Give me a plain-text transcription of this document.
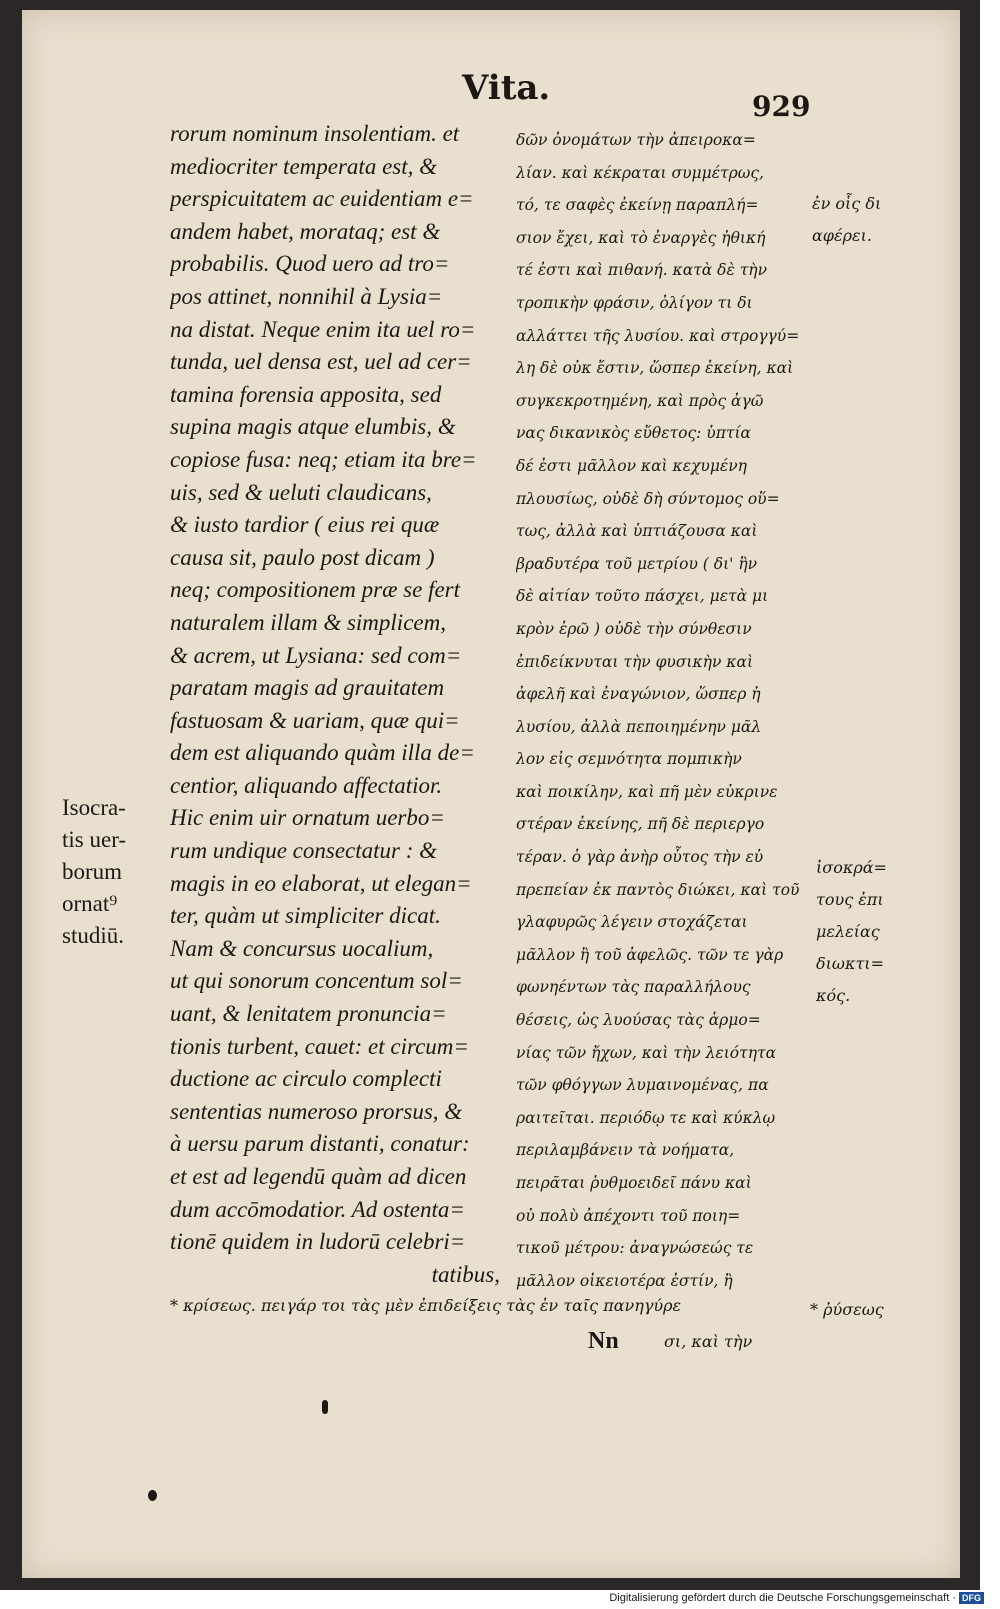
Vita.	929
rorum nominum insolentiam. et
mediocriter temperata est, &
perspicuitatem ac euidentiam e=
andem habet, morataq; est &
probabilis. Quod uero ad tro=
pos attinet, nonnihil à Lysia=
na distat. Neque enim ita uel ro=
tunda, uel densa est, uel ad cer=
tamina forensia apposita, sed
supina magis atque elumbis, &
copiose fusa: neq; etiam ita bre=
uis, sed & ueluti claudicans,
& iusto tardior ( eius rei quæ
causa sit, paulo post dicam )
neq; compositionem præ se fert
naturalem illam & simplicem,
& acrem, ut Lysiana: sed com=
paratam magis ad grauitatem
fastuosam & uariam, quæ qui=
dem est aliquando quàm illa de=
centior, aliquando affectatior.
Hic enim uir ornatum uerbo=
rum undique consectatur : &
magis in eo elaborat, ut elegan=
ter, quàm ut simpliciter dicat.
Nam & concursus uocalium,
ut qui sonorum concentum sol=
uant, & lenitatem pronuncia=
tionis turbent, cauet: et circum=
ductione ac circulo complecti
sententias numeroso prorsus, &
à uersu parum distanti, conatur:
et est ad legendū quàm ad dicen
dum accōmodatior. Ad ostenta=
tionē quidem in ludorū celebri=
tatibus,
δῶν ὀνομάτων τὴν ἀπειροκα=
λίαν. καὶ κέκραται συμμέτρως,
τό, τε σαφὲς ἐκείνῃ παραπλή=
σιον ἔχει, καὶ τὸ ἐναργὲς ἠθική
τέ ἐστι καὶ πιθανή. κατὰ δὲ τὴν
τροπικὴν φράσιν, ὀλίγον τι δι
αλλάττει τῆς λυσίου. καὶ στρογγύ=
λη δὲ οὐκ ἔστιν, ὥσπερ ἐκείνη, καὶ
συγκεκροτημένη, καὶ πρὸς ἀγῶ
νας δικανικὸς εὔθετος: ὑπτία
δέ ἐστι μᾶλλον καὶ κεχυμένη
πλουσίως, οὐδὲ δὴ σύντομος οὕ=
τως, ἀλλὰ καὶ ὑπτιάζουσα καὶ
βραδυτέρα τοῦ μετρίου ( δι' ἣν
δὲ αἰτίαν τοῦτο πάσχει, μετὰ μι
κρὸν ἐρῶ ) οὐδὲ τὴν σύνθεσιν
ἐπιδείκνυται τὴν φυσικὴν καὶ
ἀφελῆ καὶ ἐναγώνιον, ὥσπερ ἡ
λυσίου, ἀλλὰ πεποιημένην μᾶλ
λον εἰς σεμνότητα πομπικὴν
καὶ ποικίλην, καὶ πῆ μὲν εὐκρινε
στέραν ἐκείνης, πῆ δὲ περιεργο
τέραν. ὁ γὰρ ἀνὴρ οὗτος τὴν εὐ
πρεπείαν ἐκ παντὸς διώκει, καὶ τοῦ
γλαφυρῶς λέγειν στοχάζεται
μᾶλλον ἢ τοῦ ἀφελῶς. τῶν τε γὰρ
φωνηέντων τὰς παραλλήλους
θέσεις, ὡς λυούσας τὰς ἁρμο=
νίας τῶν ἤχων, καὶ τὴν λειότητα
τῶν φθόγγων λυμαινομένας, πα
ραιτεῖται. περιόδῳ τε καὶ κύκλῳ
περιλαμβάνειν τὰ νοήματα,
πειρᾶται ῥυθμοειδεῖ πάνυ καὶ
οὐ πολὺ ἀπέχοντι τοῦ ποιη=
τικοῦ μέτρου: ἀναγνώσεώς τε
μᾶλλον οἰκειοτέρα ἐστίν, ἢ
Isocra-
tis uer-
borum
ornat⁹
studiū.
ἐν οἷς δι
αφέρει.
ἰσοκρά=
τους ἐπι
μελείας
διωκτι=
κός.
* κρίσεως. πειγάρ τοι τὰς μὲν ἐπιδείξεις τὰς ἐν ταῖς πανηγύρε	* ῥύσεως
Nn	σι, καὶ τὴν
Digitalisierung gefördert durch die Deutsche Forschungsgemeinschaft · DFG
